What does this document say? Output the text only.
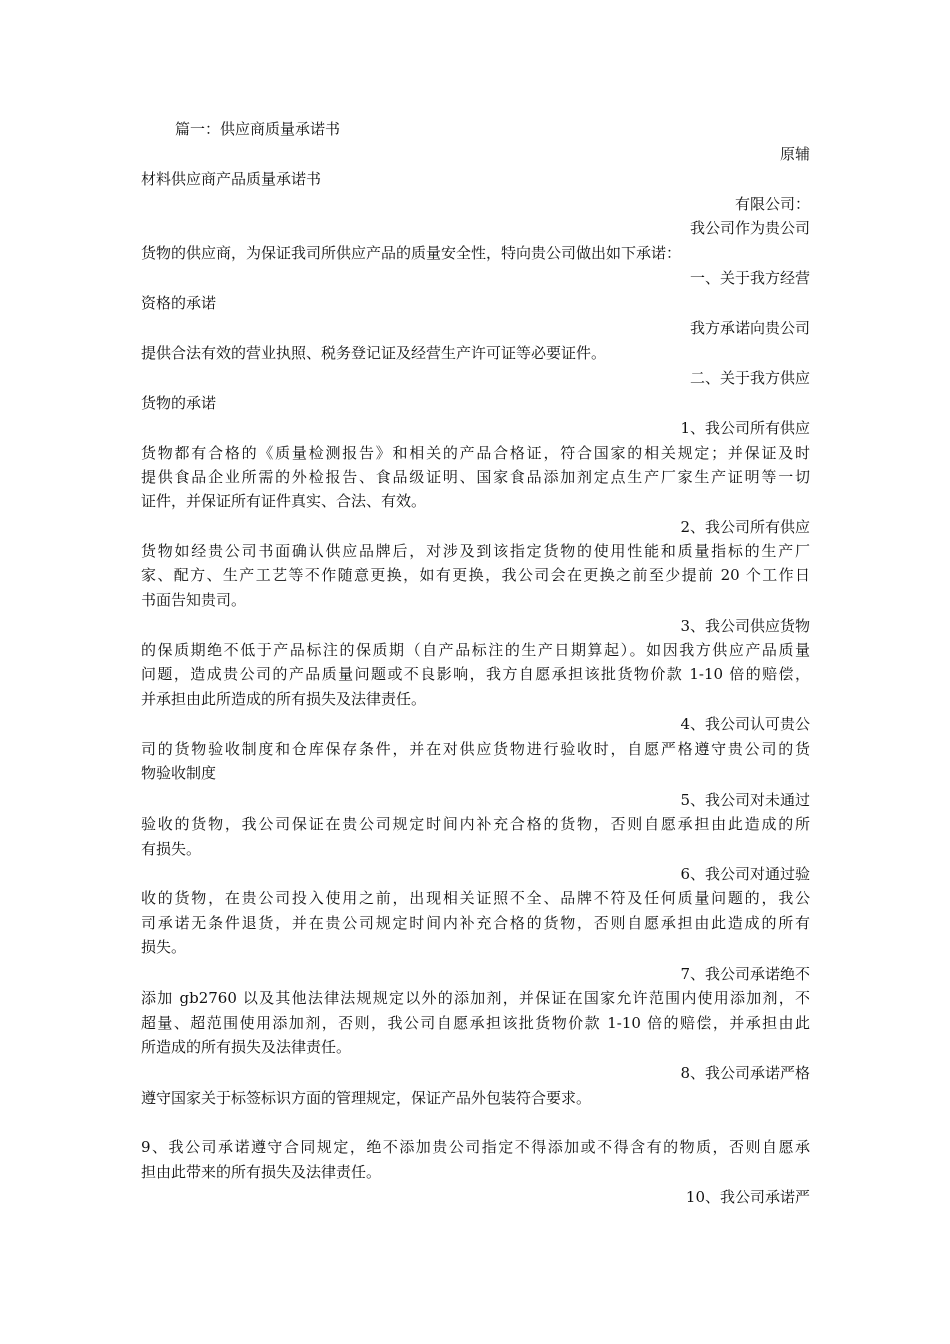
篇一：供应商质量承诺书
原辅
材料供应商产品质量承诺书
有限公司：
我公司作为贵公司
货物的供应商，为保证我司所供应产品的质量安全性，特向贵公司做出如下承诺：
一、关于我方经营
资格的承诺
我方承诺向贵公司
提供合法有效的营业执照、税务登记证及经营生产许可证等必要证件。
二、关于我方供应
货物的承诺
1、我公司所有供应
货物都有合格的《质量检测报告》和相关的产品合格证，符合国家的相关规定；并保证及时
提供食品企业所需的外检报告、食品级证明、国家食品添加剂定点生产厂家生产证明等一切
证件，并保证所有证件真实、合法、有效。
2、我公司所有供应
货物如经贵公司书面确认供应品牌后，对涉及到该指定货物的使用性能和质量指标的生产厂
家、配方、生产工艺等不作随意更换，如有更换，我公司会在更换之前至少提前 20 个工作日
书面告知贵司。
3、我公司供应货物
的保质期绝不低于产品标注的保质期（自产品标注的生产日期算起）。如因我方供应产品质量
问题，造成贵公司的产品质量问题或不良影响，我方自愿承担该批货物价款 1-10 倍的赔偿，
并承担由此所造成的所有损失及法律责任。
4、我公司认可贵公
司的货物验收制度和仓库保存条件，并在对供应货物进行验收时，自愿严格遵守贵公司的货
物验收制度
5、我公司对未通过
验收的货物，我公司保证在贵公司规定时间内补充合格的货物，否则自愿承担由此造成的所
有损失。
6、我公司对通过验
收的货物，在贵公司投入使用之前，出现相关证照不全、品牌不符及任何质量问题的，我公
司承诺无条件退货，并在贵公司规定时间内补充合格的货物，否则自愿承担由此造成的所有
损失。
7、我公司承诺绝不
添加 gb2760 以及其他法律法规规定以外的添加剂，并保证在国家允许范围内使用添加剂，不
超量、超范围使用添加剂，否则，我公司自愿承担该批货物价款 1-10 倍的赔偿，并承担由此
所造成的所有损失及法律责任。
8、我公司承诺严格
遵守国家关于标签标识方面的管理规定，保证产品外包装符合要求。
9、我公司承诺遵守合同规定，绝不添加贵公司指定不得添加或不得含有的物质，否则自愿承
担由此带来的所有损失及法律责任。
10、我公司承诺严
